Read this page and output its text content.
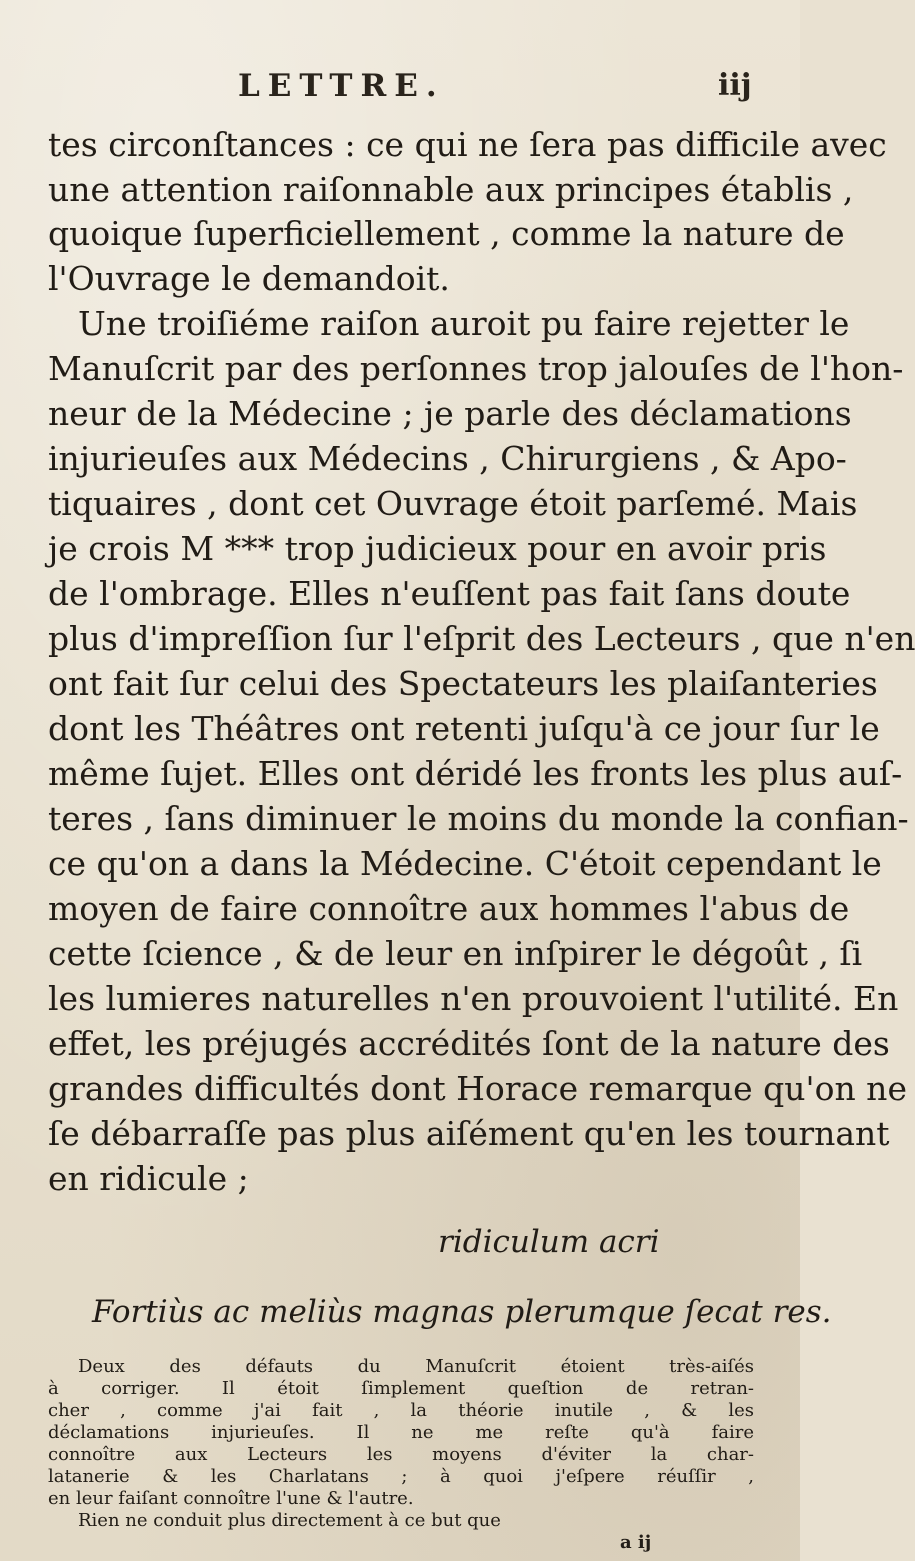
LETTRE.	iij
tes circonſtances : ce qui ne ſera pas difficile avec
une attention raiſonnable aux principes établis ,
quoique ſuperficiellement , comme la nature de
l'Ouvrage le demandoit.
Une troiſiéme raiſon auroit pu faire rejetter le
Manuſcrit par des perſonnes trop jalouſes de l'hon-
neur de la Médecine ; je parle des déclamations
injurieuſes aux Médecins , Chirurgiens , & Apo-
tiquaires , dont cet Ouvrage étoit parſemé. Mais
je crois M *** trop judicieux pour en avoir pris
de l'ombrage. Elles n'euſſent pas fait ſans doute
plus d'impreſſion ſur l'eſprit des Lecteurs , que n'en
ont fait ſur celui des Spectateurs les plaiſanteries
dont les Théâtres ont retenti juſqu'à ce jour ſur le
même ſujet. Elles ont déridé les fronts les plus auſ-
teres , ſans diminuer le moins du monde la confian-
ce qu'on a dans la Médecine. C'étoit cependant le
moyen de faire connoître aux hommes l'abus de
cette ſcience , & de leur en inſpirer le dégoût , ſi
les lumieres naturelles n'en prouvoient l'utilité. En
effet, les préjugés accrédités ſont de la nature des
grandes difficultés dont Horace remarque qu'on ne
ſe débarraſſe pas plus aiſément qu'en les tournant
en ridicule ;
ridiculum acri
Fortiùs ac meliùs magnas plerumque ſecat res.
Deux des défauts du Manuſcrit étoient très-aiſés
à corriger. Il étoit ſimplement queſtion de retran-
cher , comme j'ai fait , la théorie inutile , & les
déclamations injurieuſes. Il ne me reſte qu'à faire
connoître aux Lecteurs les moyens d'éviter la char-
latanerie & les Charlatans ; à quoi j'eſpere réuſſir ,
en leur faiſant connoître l'une & l'autre.
Rien ne conduit plus directement à ce but que
a ij
